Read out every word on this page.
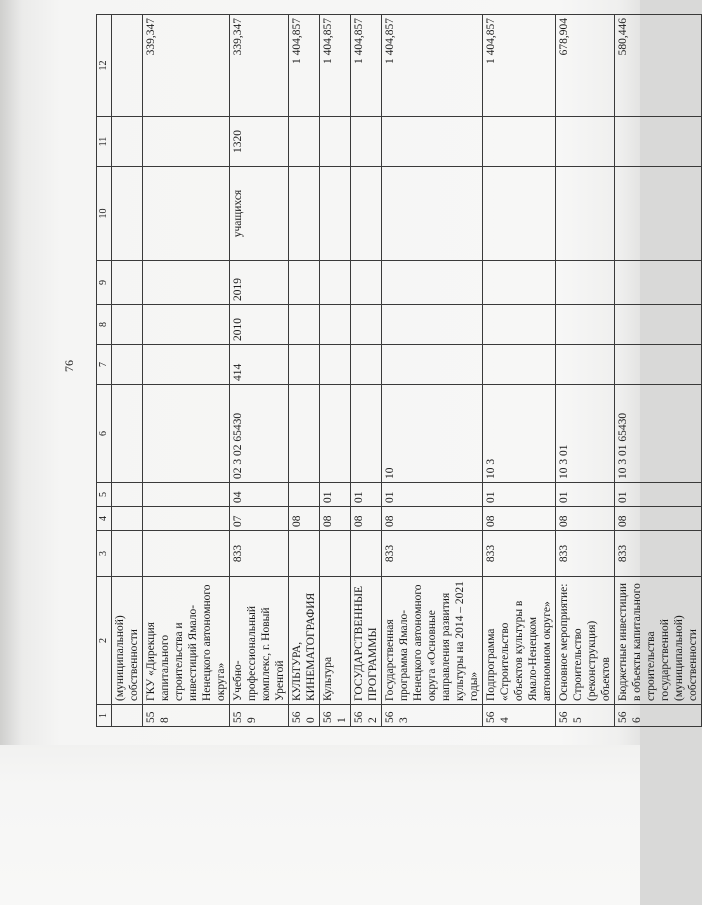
76
1	2	3	4	5	6	7	8	9	10	11	12
	(муниципальной) собственности										
558	ГКУ «Дирекция капитального строительства и инвестиций Ямало-Ненецкого автономного округа»										339,347
559	Учебно-профессиональный комплекс, г. Новый Уренгой	833	07	04	02 3 02 65430	414	2010	2019	учащихся	1320	339,347
560	КУЛЬТУРА, КИНЕМАТОГРАФИЯ		08								1 404,857
561	Культура		08	01							1 404,857
562	ГОСУДАРСТВЕННЫЕ ПРОГРАММЫ		08	01							1 404,857
563	Государственная программа Ямало-Ненецкого автономного округа «Основные направления развития культуры на 2014 – 2021 годы»	833	08	01	10						1 404,857
564	Подпрограмма «Строительство объектов культуры в Ямало-Ненецком автономном округе»	833	08	01	10 3						1 404,857
565	Основное мероприятие: Строительство (реконструкция) объектов	833	08	01	10 3 01						678,904
566	Бюджетные инвестиции в объекты капитального строительства государственной (муниципальной) собственности	833	08	01	10 3 01 65430						580,446
